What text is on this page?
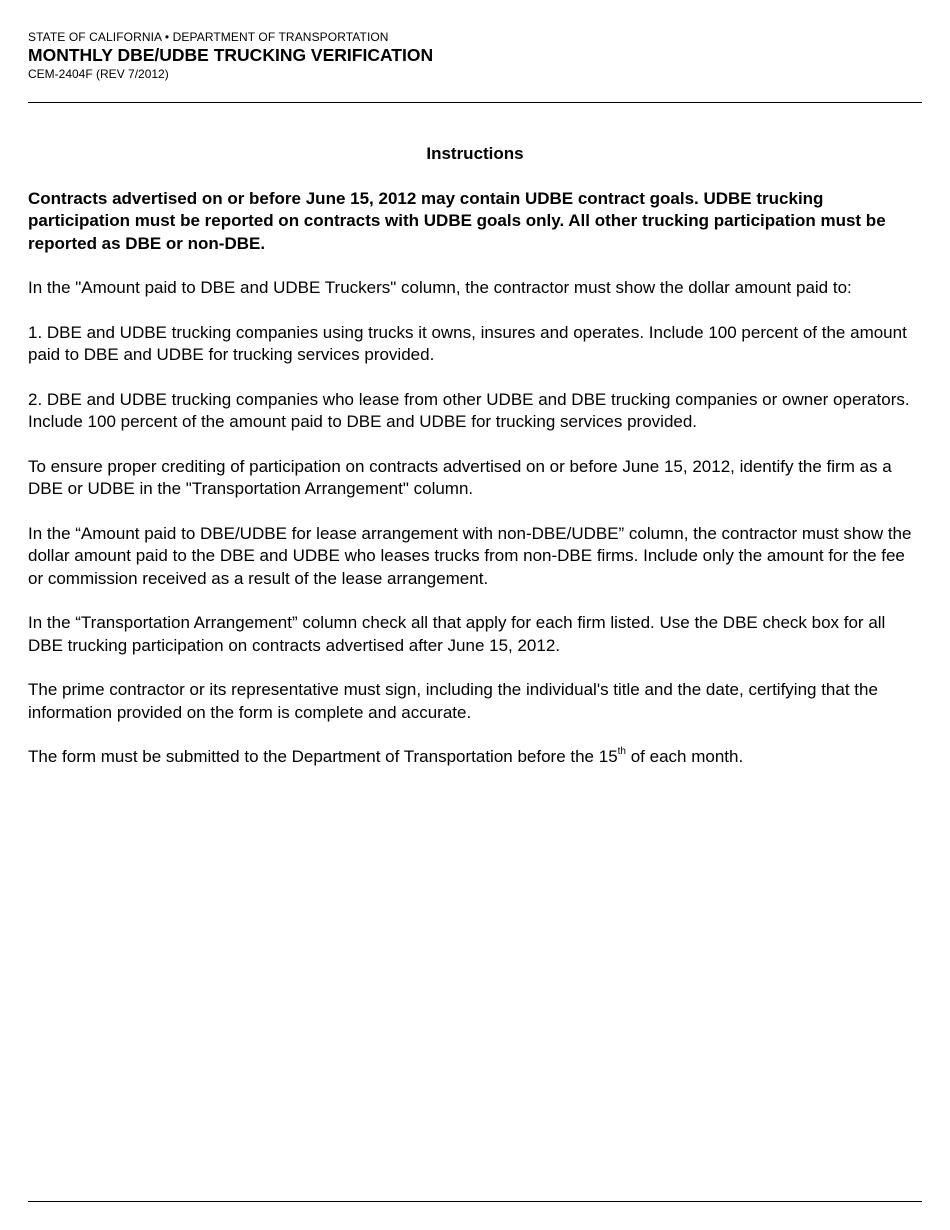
STATE OF CALIFORNIA • DEPARTMENT OF TRANSPORTATION
MONTHLY DBE/UDBE TRUCKING VERIFICATION
CEM-2404F (REV 7/2012)

Instructions

Contracts advertised on or before June 15, 2012 may contain UDBE contract goals. UDBE trucking participation must be reported on contracts with UDBE goals only. All other trucking participation must be reported as DBE or non-DBE.

In the "Amount paid to DBE and UDBE Truckers" column, the contractor must show the dollar amount paid to:

1. DBE and UDBE trucking companies using trucks it owns, insures and operates. Include 100 percent of the amount paid to DBE and UDBE for trucking services provided.

2. DBE and UDBE trucking companies who lease from other UDBE and DBE trucking companies or owner operators. Include 100 percent of the amount paid to DBE and UDBE for trucking services provided.

To ensure proper crediting of participation on contracts advertised on or before June 15, 2012, identify the firm as a DBE or UDBE in the "Transportation Arrangement" column.

In the “Amount paid to DBE/UDBE for lease arrangement with non-DBE/UDBE” column, the contractor must show the dollar amount paid to the DBE and UDBE who leases trucks from non-DBE firms. Include only the amount for the fee or commission received as a result of the lease arrangement.

In the “Transportation Arrangement” column check all that apply for each firm listed. Use the DBE check box for all DBE trucking participation on contracts advertised after June 15, 2012.

The prime contractor or its representative must sign, including the individual's title and the date, certifying that the information provided on the form is complete and accurate.

The form must be submitted to the Department of Transportation before the 15th of each month.
